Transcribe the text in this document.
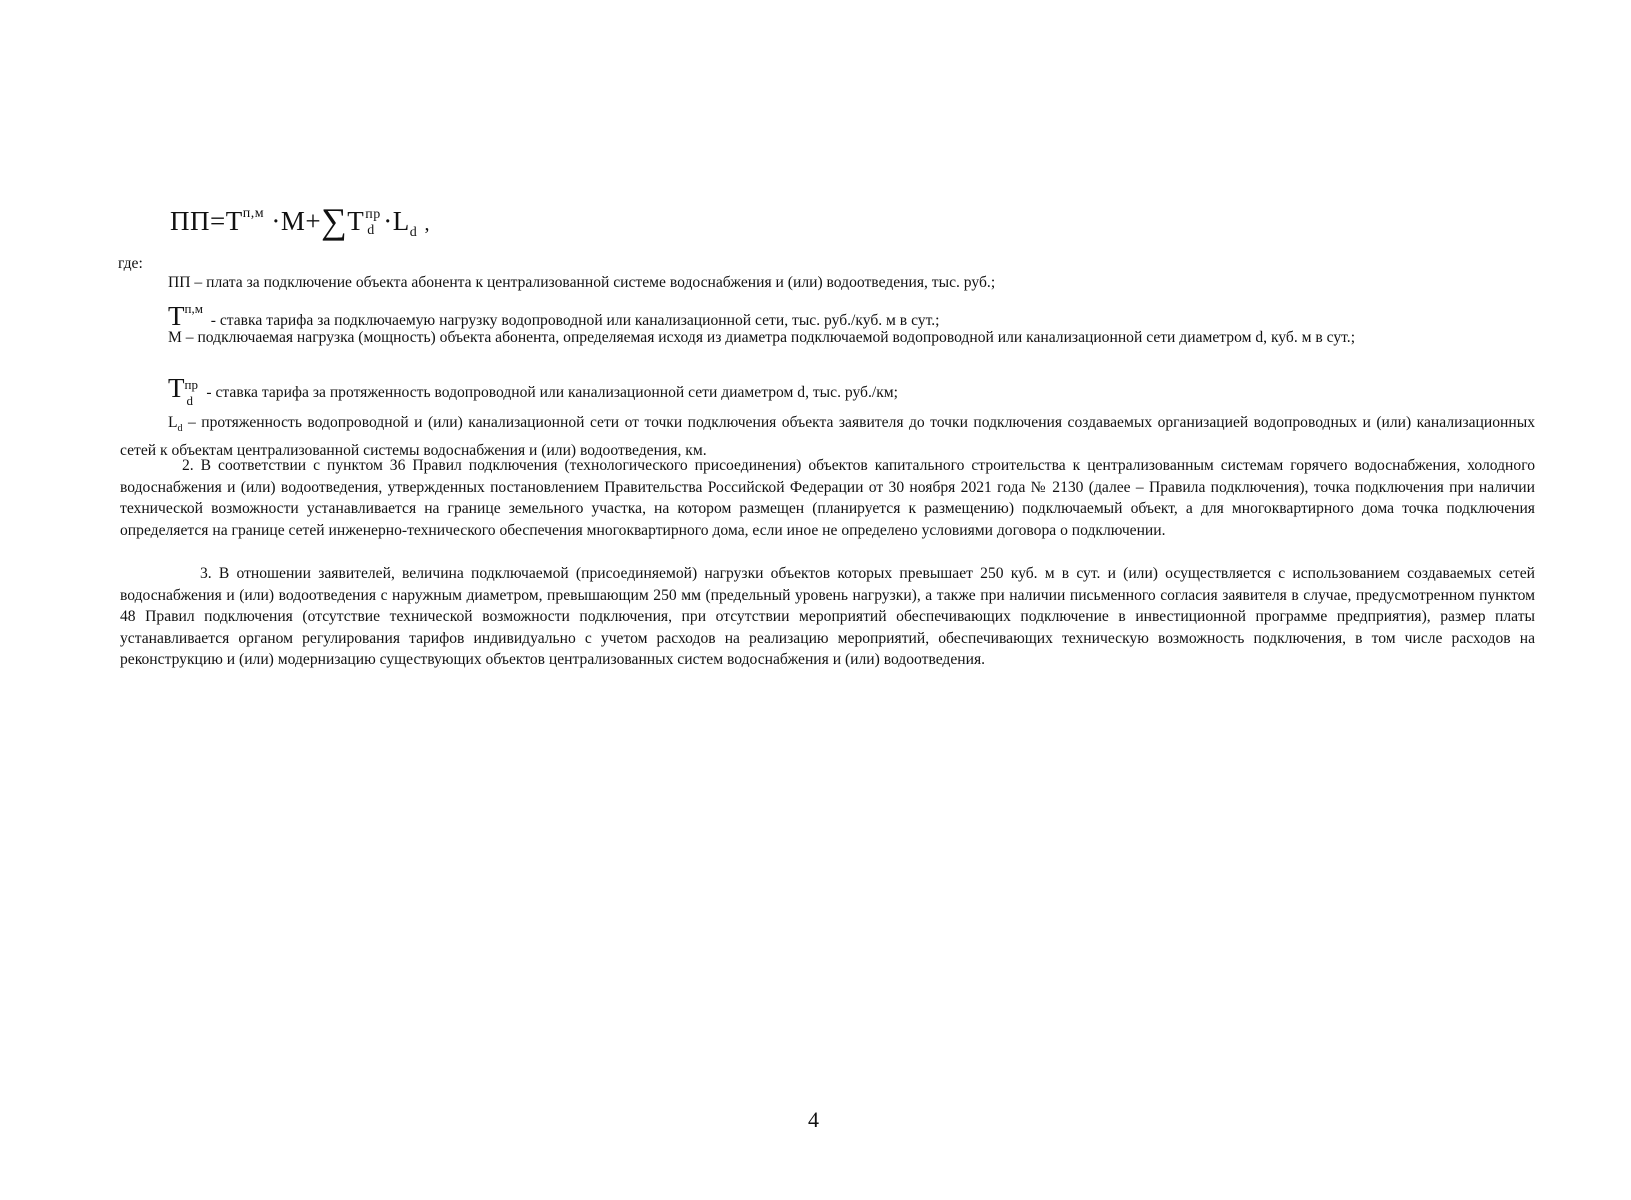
$ПП=T^{п,м} \cdot M+\sum T$ пр
$d \cdot L_d$ ,
где:
ПП – плата за подключение объекта абонента к централизованной системе водоснабжения и (или) водоотведения, тыс. руб.;
$T^{п,м}$  - ставка тарифа за подключаемую нагрузку водопроводной или канализационной сети, тыс. руб./куб. м в сут.;
М – подключаемая нагрузка (мощность) объекта абонента, определяемая исходя из диаметра подключаемой водопроводной или канализационной сети диаметром d, куб. м в сут.;
T пр
d - ставка тарифа за протяженность водопроводной или канализационной сети диаметром d, тыс. руб./км;
$L_d$ – протяженность водопроводной и (или) канализационной сети от точки подключения объекта заявителя до точки подключения создаваемых организацией водопроводных и (или) канализационных сетей к объектам централизованной системы водоснабжения и (или) водоотведения, км.
2. В соответствии с пунктом 36 Правил подключения (технологического присоединения) объектов капитального строительства к централизованным системам горячего водоснабжения, холодного водоснабжения и (или) водоотведения, утвержденных постановлением Правительства Российской Федерации от 30 ноября 2021 года № 2130 (далее – Правила подключения), точка подключения при наличии технической возможности устанавливается на границе земельного участка, на котором размещен (планируется к размещению) подключаемый объект, а для многоквартирного дома точка подключения определяется на границе сетей инженерно-технического обеспечения многоквартирного дома, если иное не определено условиями договора о подключении.
3. В отношении заявителей, величина подключаемой (присоединяемой) нагрузки объектов которых превышает 250 куб. м в сут. и (или) осуществляется с использованием создаваемых сетей водоснабжения и (или) водоотведения с наружным диаметром, превышающим 250 мм (предельный уровень нагрузки), а также при наличии письменного согласия заявителя в случае, предусмотренном пунктом 48 Правил подключения (отсутствие технической возможности подключения, при отсутствии мероприятий обеспечивающих подключение в инвестиционной программе предприятия), размер платы устанавливается органом регулирования тарифов индивидуально с учетом расходов на реализацию мероприятий, обеспечивающих техническую возможность подключения, в том числе расходов на реконструкцию и (или) модернизацию существующих объектов централизованных систем водоснабжения и (или) водоотведения.
4
